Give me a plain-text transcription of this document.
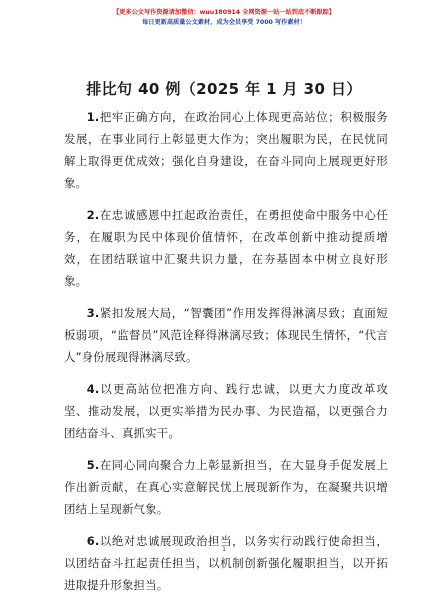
【更多公文写作资源请加微信：wuu180914 全网资源一站一站到底不断跟踪】
每日更新高质量公文素材，成为会员享受 7000 写作素材！
排比句 40 例（2025 年 1 月 30 日）

1.把牢正确方向，在政治同心上体现更高站位；积极服务发展，在事业同行上彰显更大作为；突出履职为民，在民忧同解上取得更优成效；强化自身建设，在奋斗同向上展现更好形象。

2.在忠诚感恩中扛起政治责任，在勇担使命中服务中心任务，在履职为民中体现价值情怀，在改革创新中推动提质增效，在团结联谊中汇聚共识力量，在夯基固本中树立良好形象。

3.紧扣发展大局，“智囊团”作用发挥得淋漓尽致；直面短板弱项，“监督员”风范诠释得淋漓尽致；体现民生情怀，“代言人”身份展现得淋漓尽致。

4.以更高站位把准方向、践行忠诚，以更大力度改革攻坚、推动发展，以更实举措为民办事、为民造福，以更强合力团结奋斗、真抓实干。

5.在同心同向聚合力上彰显新担当，在大显身手促发展上作出新贡献，在真心实意解民忧上展现新作为，在凝聚共识增团结上呈现新气象。

6.以绝对忠诚展现政治担当，以务实行动践行使命担当，以团结奋斗扛起责任担当，以机制创新强化履职担当，以开拓进取提升形象担当。

1
